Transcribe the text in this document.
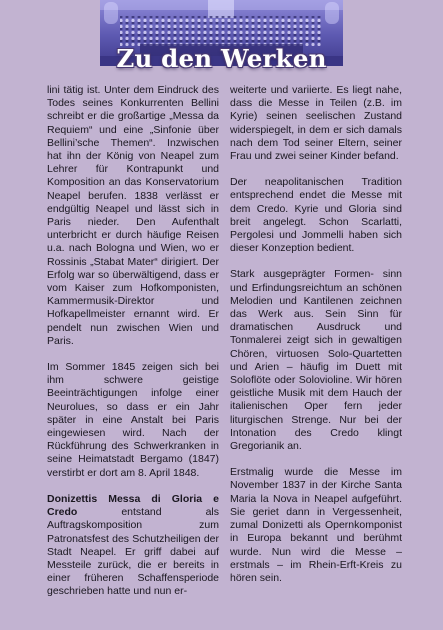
Zu den Werken

lini tätig ist. Unter dem Eindruck des Todes seines Konkurrenten Bellini schreibt er die großartige „Messa da Requiem“ und eine „Sinfonie über Bellini’sche Themen“. Inzwischen hat ihn der König von Neapel zum Lehrer für Kontrapunkt und Komposition an das Konservatorium Neapel berufen. 1838 verlässt er endgültig Neapel und lässt sich in Paris nieder. Den Aufenthalt unterbricht er durch häufige Reisen u.a. nach Bologna und Wien, wo er Rossinis „Stabat Mater“ dirigiert. Der Erfolg war so überwältigend, dass er vom Kaiser zum Hofkomponisten, Kammermusik-Direktor und Hofkapellmeister ernannt wird. Er pendelt nun zwischen Wien und Paris.

Im Sommer 1845 zeigen sich bei ihm schwere geistige Beeinträchtigungen infolge einer Neurolues, so dass er ein Jahr später in eine Anstalt bei Paris eingewiesen wird. Nach der Rückführung des Schwerkranken in seine Heimatstadt Bergamo (1847) verstirbt er dort am 8. April 1848.

Donizettis Messa di Gloria e Credo entstand als Auftragskomposition zum Patronatsfest des Schutzheiligen der Stadt Neapel. Er griff dabei auf Messteile zurück, die er bereits in einer früheren Schaffensperiode geschrieben hatte und nun er-

weiterte und variierte. Es liegt nahe, dass die Messe in Teilen (z.B. im Kyrie) seinen seelischen Zustand widerspiegelt, in dem er sich damals nach dem Tod seiner Eltern, seiner Frau und zwei seiner Kinder befand.

Der neapolitanischen Tradition entsprechend endet die Messe mit dem Credo. Kyrie und Gloria sind breit angelegt. Schon Scarlatti, Pergolesi und Jommelli haben sich dieser Konzeption bedient.

Stark ausgeprägter Formen- sinn und Erfindungsreichtum an schönen Melodien und Kantilenen zeichnen das Werk aus. Sein Sinn für dramatischen Ausdruck und Tonmalerei zeigt sich in gewaltigen Chören, virtuosen Solo-Quartetten und Arien – häufig im Duett mit Soloflöte oder Solovioline. Wir hören geistliche Musik mit dem Hauch der italienischen Oper fern jeder liturgischen Strenge. Nur bei der Intonation des Credo klingt Gregorianik an.

Erstmalig wurde die Messe im November 1837 in der Kirche Santa Maria la Nova in Neapel aufgeführt. Sie geriet dann in Vergessenheit, zumal Donizetti als Opernkomponist in Europa bekannt und berühmt wurde. Nun wird die Messe – erstmals – im Rhein-Erft-Kreis zu hören sein.
